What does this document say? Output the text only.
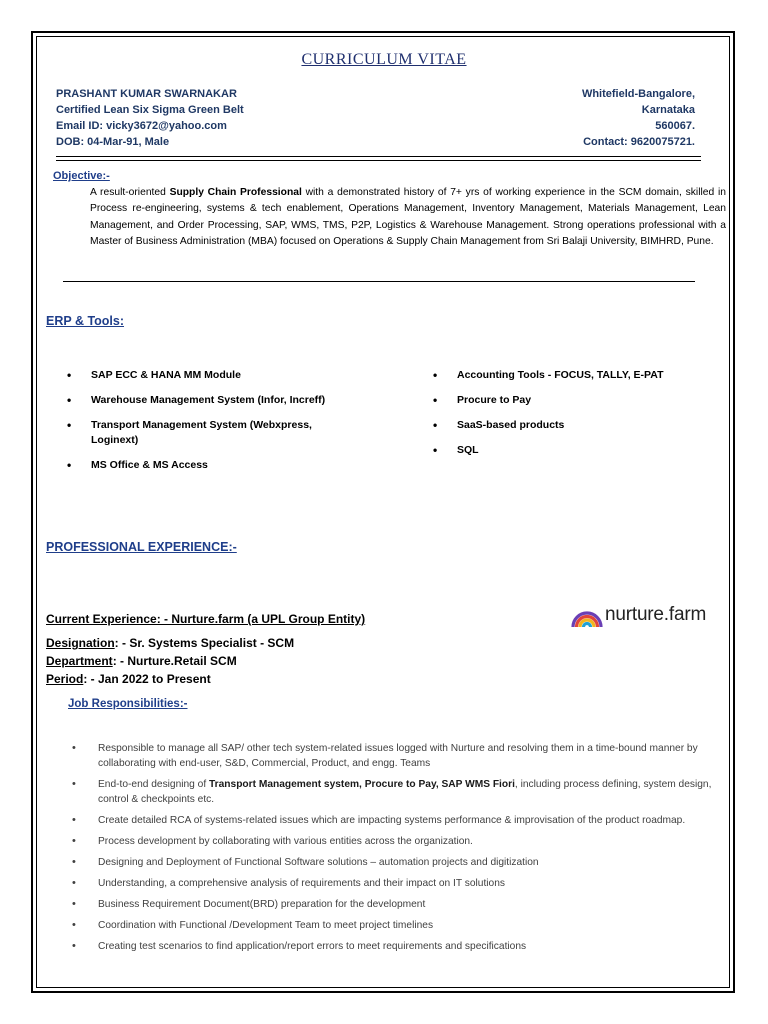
CURRICULUM VITAE
PRASHANT KUMAR SWARNAKAR
Certified Lean Six Sigma Green Belt
Email ID: vicky3672@yahoo.com
DOB: 04-Mar-91, Male
Whitefield-Bangalore,
Karnataka
560067.
Contact: 9620075721.
Objective:-
A result-oriented Supply Chain Professional with a demonstrated history of 7+ yrs of working experience in the SCM domain, skilled in Process re-engineering, systems & tech enablement, Operations Management, Inventory Management, Materials Management, Lean Management, and Order Processing, SAP, WMS, TMS, P2P, Logistics & Warehouse Management. Strong operations professional with a Master of Business Administration (MBA) focused on Operations & Supply Chain Management from Sri Balaji University, BIMHRD, Pune.
ERP & Tools:
• SAP ECC & HANA MM Module
• Warehouse Management System (Infor, Increff)
• Transport Management System (Webxpress,
Loginext)
• MS Office & MS Access
• Accounting Tools - FOCUS, TALLY, E-PAT
• Procure to Pay
• SaaS-based products
• SQL
PROFESSIONAL EXPERIENCE:-
Current Experience: - Nurture.farm (a UPL Group Entity)	nurture.farm
Designation: - Sr. Systems Specialist - SCM
Department: - Nurture.Retail SCM
Period: - Jan 2022 to Present
Job Responsibilities:-
• Responsible to manage all SAP/ other tech system-related issues logged with Nurture and resolving them in a time-bound manner by collaborating with end-user, S&D, Commercial, Product, and engg. Teams
• End-to-end designing of Transport Management system, Procure to Pay, SAP WMS Fiori, including process defining, system design, control & checkpoints etc.
• Create detailed RCA of systems-related issues which are impacting systems performance & improvisation of the product roadmap.
• Process development by collaborating with various entities across the organization.
• Designing and Deployment of Functional Software solutions – automation projects and digitization
• Understanding, a comprehensive analysis of requirements and their impact on IT solutions
• Business Requirement Document(BRD) preparation for the development
• Coordination with Functional /Development Team to meet project timelines
• Creating test scenarios to find application/report errors to meet requirements and specifications
